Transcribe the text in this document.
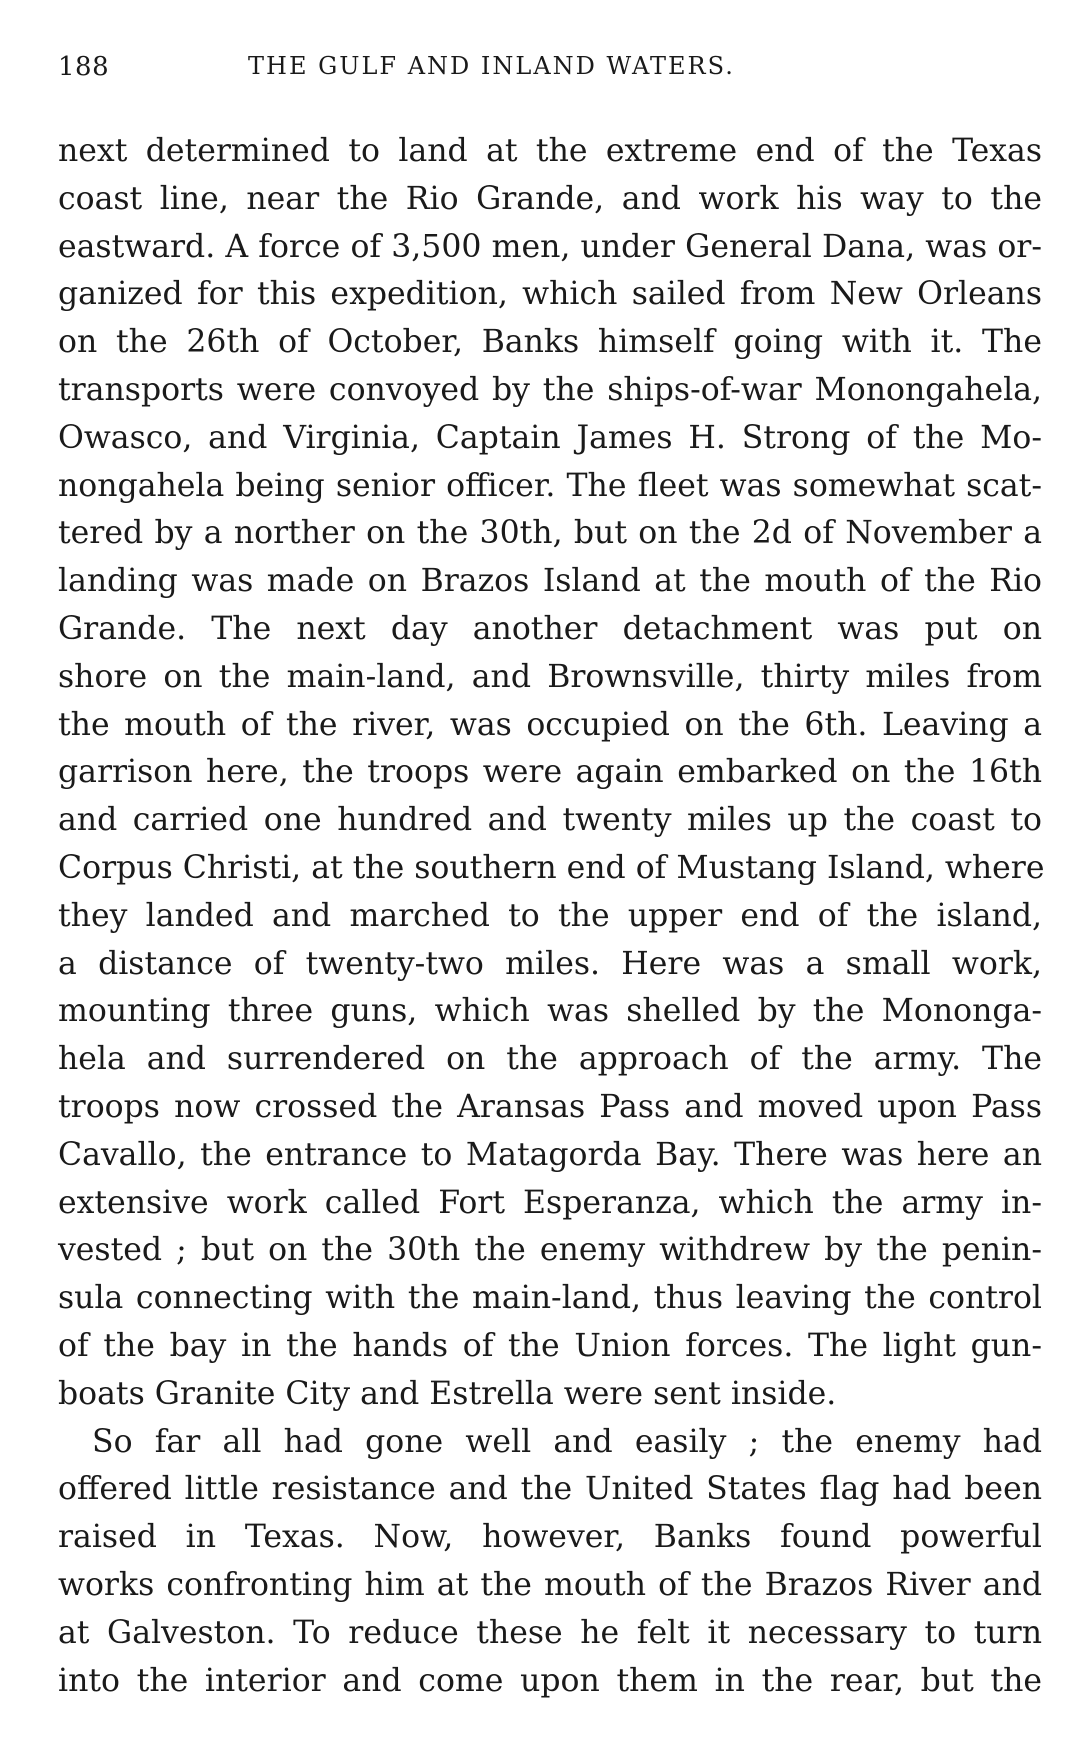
188	THE GULF AND INLAND WATERS.
next determined to land at the extreme end of the Texas
coast line, near the Rio Grande, and work his way to the
eastward. A force of 3,500 men, under General Dana, was or-
ganized for this expedition, which sailed from New Orleans
on the 26th of October, Banks himself going with it. The
transports were convoyed by the ships-of-war Monongahela,
Owasco, and Virginia, Captain James H. Strong of the Mo-
nongahela being senior officer. The fleet was somewhat scat-
tered by a norther on the 30th, but on the 2d of November a
landing was made on Brazos Island at the mouth of the Rio
Grande. The next day another detachment was put on
shore on the main-land, and Brownsville, thirty miles from
the mouth of the river, was occupied on the 6th. Leaving a
garrison here, the troops were again embarked on the 16th
and carried one hundred and twenty miles up the coast to
Corpus Christi, at the southern end of Mustang Island, where
they landed and marched to the upper end of the island,
a distance of twenty-two miles. Here was a small work,
mounting three guns, which was shelled by the Mononga-
hela and surrendered on the approach of the army. The
troops now crossed the Aransas Pass and moved upon Pass
Cavallo, the entrance to Matagorda Bay. There was here an
extensive work called Fort Esperanza, which the army in-
vested ; but on the 30th the enemy withdrew by the penin-
sula connecting with the main-land, thus leaving the control
of the bay in the hands of the Union forces. The light gun-
boats Granite City and Estrella were sent inside.
So far all had gone well and easily ; the enemy had
offered little resistance and the United States flag had been
raised in Texas. Now, however, Banks found powerful
works confronting him at the mouth of the Brazos River and
at Galveston. To reduce these he felt it necessary to turn
into the interior and come upon them in the rear, but the
